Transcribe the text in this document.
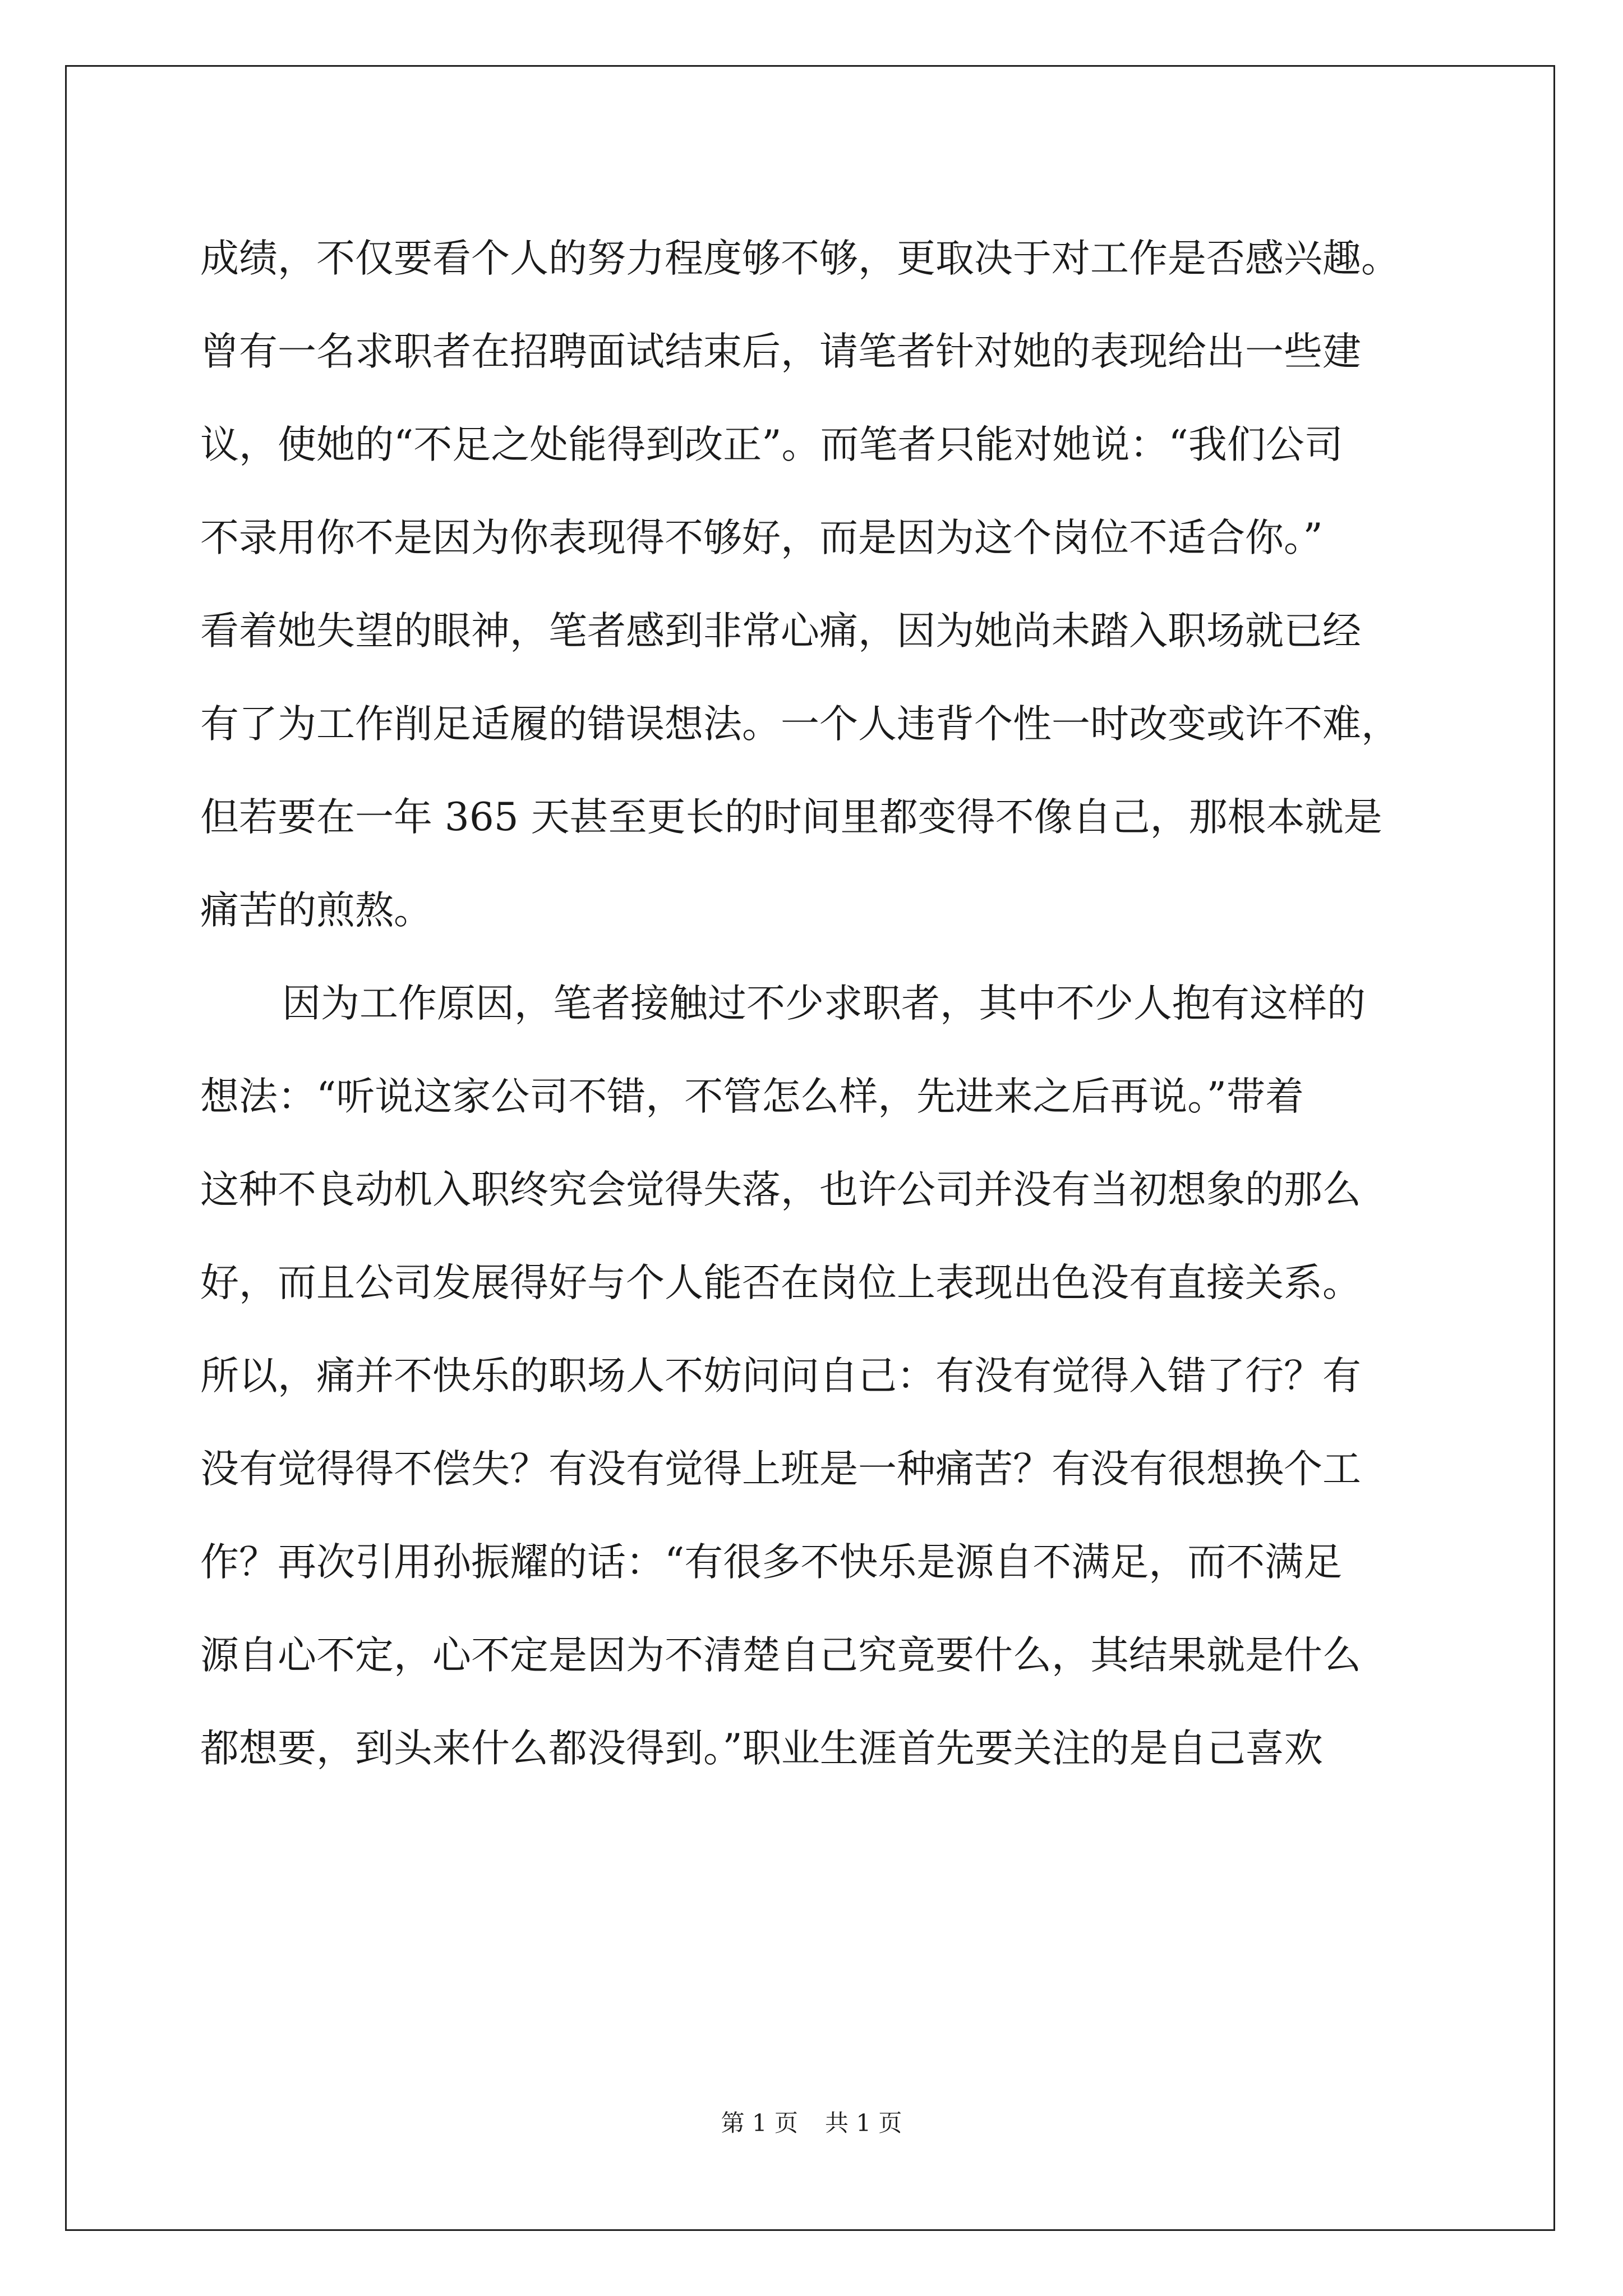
成绩，不仅要看个人的努力程度够不够，更取决于对工作是否感兴趣。
曾有一名求职者在招聘面试结束后，请笔者针对她的表现给出一些建
议，使她的“不足之处能得到改正”。而笔者只能对她说：“我们公司
不录用你不是因为你表现得不够好，而是因为这个岗位不适合你。”
看着她失望的眼神，笔者感到非常心痛，因为她尚未踏入职场就已经
有了为工作削足适履的错误想法。一个人违背个性一时改变或许不难，
但若要在一年 365 天甚至更长的时间里都变得不像自己，那根本就是
痛苦的煎熬。
因为工作原因，笔者接触过不少求职者，其中不少人抱有这样的
想法：“听说这家公司不错，不管怎么样，先进来之后再说。”带着
这种不良动机入职终究会觉得失落，也许公司并没有当初想象的那么
好，而且公司发展得好与个人能否在岗位上表现出色没有直接关系。
所以，痛并不快乐的职场人不妨问问自己：有没有觉得入错了行？有
没有觉得得不偿失？有没有觉得上班是一种痛苦？有没有很想换个工
作？再次引用孙振耀的话：“有很多不快乐是源自不满足，而不满足
源自心不定，心不定是因为不清楚自己究竟要什么，其结果就是什么
都想要，到头来什么都没得到。”职业生涯首先要关注的是自己喜欢
第 1 页 共 1 页
